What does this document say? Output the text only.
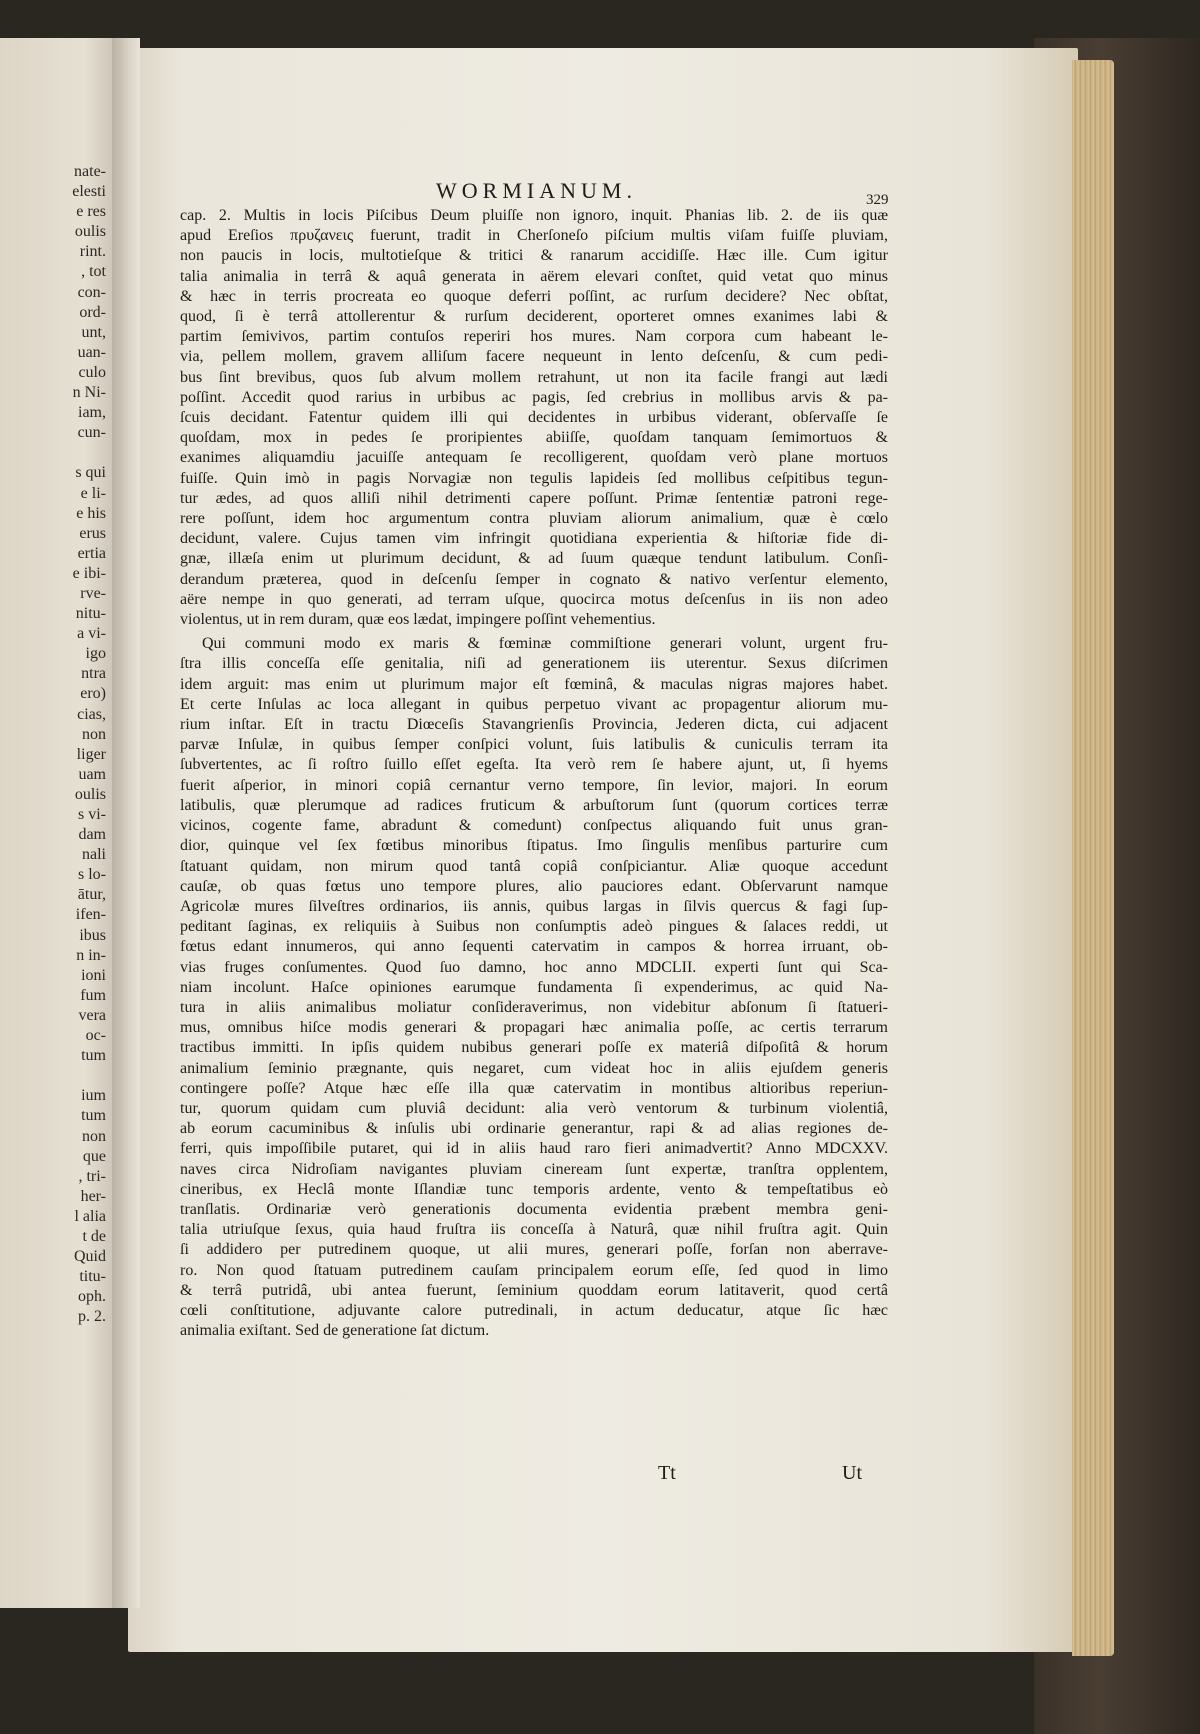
nate-
elesti
e res
oulis
rint.
, tot
con-
ord-
unt,
uan-
culo
n Ni-
iam,
cun-

s qui
e li-
e his
erus
ertia
e ibi-
rve-
nitu-
a vi-
igo
ntra
ero)
cias,
non
liger
uam
oulis
s vi-
dam
nali
s lo-
ātur,
ifen-
ibus
n in-
ioni
fum
vera
oc-
tum

ium
tum
non
que
, tri-
her-
l alia
t de
Quid
titu-
oph.
p. 2.
WORMIANUM.	329
cap. 2. Multis in locis Piſcibus Deum pluiſſe non ignoro, inquit. Phanias lib. 2. de iis quæ
apud Ereſios πρυζανεις fuerunt, tradit in Cherſoneſo piſcium multis viſam fuiſſe pluviam,
non paucis in locis, multotieſque & tritici & ranarum accidiſſe. Hæc ille. Cum igitur
talia animalia in terrâ & aquâ generata in aërem elevari conſtet, quid vetat quo minus
& hæc in terris procreata eo quoque deferri poſſint, ac rurſum decidere? Nec obſtat,
quod, ſi è terrâ attollerentur & rurſum deciderent, oporteret omnes exanimes labi &
partim ſemivivos, partim contuſos reperiri hos mures. Nam corpora cum habeant le-
via, pellem mollem, gravem alliſum facere nequeunt in lento deſcenſu, & cum pedi-
bus ſint brevibus, quos ſub alvum mollem retrahunt, ut non ita facile frangi aut lædi
poſſint. Accedit quod rarius in urbibus ac pagis, ſed crebrius in mollibus arvis & pa-
ſcuis decidant. Fatentur quidem illi qui decidentes in urbibus viderant, obſervaſſe ſe
quoſdam, mox in pedes ſe proripientes abiiſſe, quoſdam tanquam ſemimortuos &
exanimes aliquamdiu jacuiſſe antequam ſe recolligerent, quoſdam verò plane mortuos
fuiſſe. Quin imò in pagis Norvagiæ non tegulis lapideis ſed mollibus ceſpitibus tegun-
tur ædes, ad quos alliſi nihil detrimenti capere poſſunt. Primæ ſententiæ patroni rege-
rere poſſunt, idem hoc argumentum contra pluviam aliorum animalium, quæ è cœlo
decidunt, valere. Cujus tamen vim infringit quotidiana experientia & hiſtoriæ fide di-
gnæ, illæſa enim ut plurimum decidunt, & ad ſuum quæque tendunt latibulum. Conſi-
derandum præterea, quod in deſcenſu ſemper in cognato & nativo verſentur elemento,
aëre nempe in quo generati, ad terram uſque, quocirca motus deſcenſus in iis non adeo
violentus, ut in rem duram, quæ eos lædat, impingere poſſint vehementius.
Qui communi modo ex maris & fœminæ commiſtione generari volunt, urgent fru-
ſtra illis conceſſa eſſe genitalia, niſi ad generationem iis uterentur. Sexus diſcrimen
idem arguit: mas enim ut plurimum major eſt fœminâ, & maculas nigras majores habet.
Et certe Inſulas ac loca allegant in quibus perpetuo vivant ac propagentur aliorum mu-
rium inſtar. Eſt in tractu Diœceſis Stavangrienſis Provincia, Jederen dicta, cui adjacent
parvæ Inſulæ, in quibus ſemper conſpici volunt, ſuis latibulis & cuniculis terram ita
ſubvertentes, ac ſi roſtro ſuillo eſſet egeſta. Ita verò rem ſe habere ajunt, ut, ſi hyems
fuerit aſperior, in minori copiâ cernantur verno tempore, ſin levior, majori. In eorum
latibulis, quæ plerumque ad radices fruticum & arbuſtorum ſunt (quorum cortices terræ
vicinos, cogente fame, abradunt & comedunt) conſpectus aliquando fuit unus gran-
dior, quinque vel ſex fœtibus minoribus ſtipatus. Imo ſingulis menſibus parturire cum
ſtatuant quidam, non mirum quod tantâ copiâ conſpiciantur. Aliæ quoque accedunt
cauſæ, ob quas fœtus uno tempore plures, alio pauciores edant. Obſervarunt namque
Agricolæ mures ſilveſtres ordinarios, iis annis, quibus largas in ſilvis quercus & fagi ſup-
peditant ſaginas, ex reliquiis à Suibus non conſumptis adeò pingues & ſalaces reddi, ut
fœtus edant innumeros, qui anno ſequenti catervatim in campos & horrea irruant, ob-
vias fruges conſumentes. Quod ſuo damno, hoc anno MDCLII. experti ſunt qui Sca-
niam incolunt. Haſce opiniones earumque fundamenta ſi expenderimus, ac quid Na-
tura in aliis animalibus moliatur conſideraverimus, non videbitur abſonum ſi ſtatueri-
mus, omnibus hiſce modis generari & propagari hæc animalia poſſe, ac certis terrarum
tractibus immitti. In ipſis quidem nubibus generari poſſe ex materiâ diſpoſitâ & horum
animalium ſeminio prægnante, quis negaret, cum videat hoc in aliis ejuſdem generis
contingere poſſe? Atque hæc eſſe illa quæ catervatim in montibus altioribus reperiun-
tur, quorum quidam cum pluviâ decidunt: alia verò ventorum & turbinum violentiâ,
ab eorum cacuminibus & inſulis ubi ordinarie generantur, rapi & ad alias regiones de-
ferri, quis impoſſibile putaret, qui id in aliis haud raro fieri animadvertit? Anno MDCXXV.
naves circa Nidroſiam navigantes pluviam cineream ſunt expertæ, tranſtra opplentem,
cineribus, ex Heclâ monte Iſlandiæ tunc temporis ardente, vento & tempeſtatibus eò
tranſlatis. Ordinariæ verò generationis documenta evidentia præbent membra geni-
talia utriuſque ſexus, quia haud fruſtra iis conceſſa à Naturâ, quæ nihil fruſtra agit. Quin
ſi addidero per putredinem quoque, ut alii mures, generari poſſe, forſan non aberrave-
ro. Non quod ſtatuam putredinem cauſam principalem eorum eſſe, ſed quod in limo
& terrâ putridâ, ubi antea fuerunt, ſeminium quoddam eorum latitaverit, quod certâ
cœli conſtitutione, adjuvante calore putredinali, in actum deducatur, atque ſic hæc
animalia exiſtant. Sed de generatione ſat dictum.
Tt	Ut
